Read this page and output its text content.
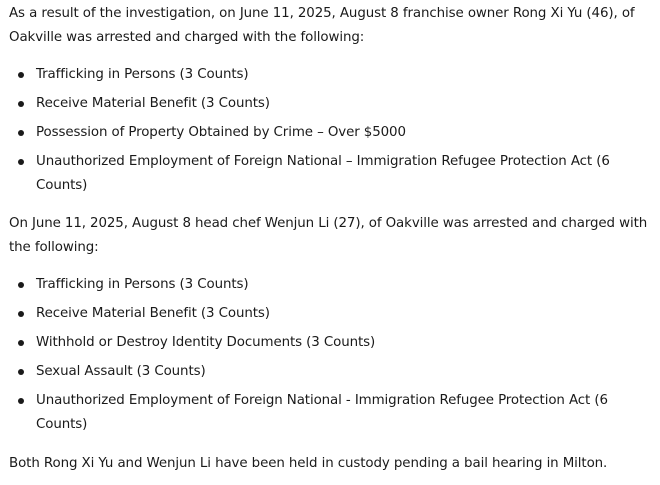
As a result of the investigation, on June 11, 2025, August 8 franchise owner Rong Xi Yu (46), of Oakville was arrested and charged with the following:

Trafficking in Persons (3 Counts)
Receive Material Benefit (3 Counts)
Possession of Property Obtained by Crime – Over $5000
Unauthorized Employment of Foreign National – Immigration Refugee Protection Act (6 Counts)

On June 11, 2025, August 8 head chef Wenjun Li (27), of Oakville was arrested and charged with the following:

Trafficking in Persons (3 Counts)
Receive Material Benefit (3 Counts)
Withhold or Destroy Identity Documents (3 Counts)
Sexual Assault (3 Counts)
Unauthorized Employment of Foreign National - Immigration Refugee Protection Act (6 Counts)

Both Rong Xi Yu and Wenjun Li have been held in custody pending a bail hearing in Milton.
